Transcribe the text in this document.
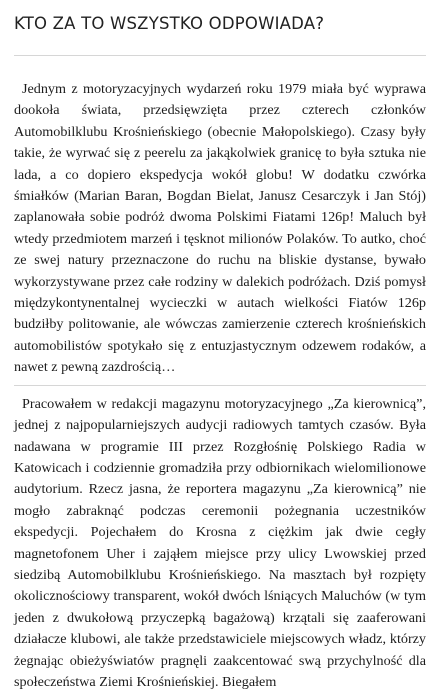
KTO ZA TO WSZYSTKO ODPOWIADA?

Jednym z motoryzacyjnych wydarzeń roku 1979 miała być wyprawa dookoła świata, przedsięwzięta przez czterech członków Automobilklubu Krośnieńskiego (obecnie Małopolskiego). Czasy były takie, że wyrwać się z peerelu za jakąkolwiek granicę to była sztuka nie lada, a co dopiero ekspedycja wokół globu! W dodatku czwórka śmiałków (Marian Baran, Bogdan Bielat, Janusz Cesarczyk i Jan Stój) zaplanowała sobie podróż dwoma Polskimi Fiatami 126p! Maluch był wtedy przedmiotem marzeń i tęsknot milionów Polaków. To autko, choć ze swej natury przeznaczone do ruchu na bliskie dystanse, bywało wykorzystywane przez całe rodziny w dalekich podróżach. Dziś pomysł międzykontynentalnej wycieczki w autach wielkości Fiatów 126p budziłby politowanie, ale wówczas zamierzenie czterech krośnieńskich automobilistów spotykało się z entuzjastycznym odzewem rodaków, a nawet z pewną zazdrością…

Pracowałem w redakcji magazynu motoryzacyjnego „Za kierownicą”, jednej z najpopularniejszych audycji radiowych tamtych czasów. Była nadawana w programie III przez Rozgłośnię Polskiego Radia w Katowicach i codziennie gromadziła przy odbiornikach wielomilionowe audytorium. Rzecz jasna, że reportera magazynu „Za kierownicą” nie mogło zabraknąć podczas ceremonii pożegnania uczestników ekspedycji. Pojechałem do Krosna z ciężkim jak dwie cegły magnetofonem Uher i zająłem miejsce przy ulicy Lwowskiej przed siedzibą Automobilklubu Krośnieńskiego. Na masztach był rozpięty okolicznościowy transparent, wokół dwóch lśniących Maluchów (w tym jeden z dwukołową przyczepką bagażową) krzątali się zaaferowani działacze klubowi, ale także przedstawiciele miejscowych władz, którzy żegnając obieżyświatów pragnęli zaakcentować swą przychylność dla społeczeństwa Ziemi Krośnieńskiej. Biegałem
